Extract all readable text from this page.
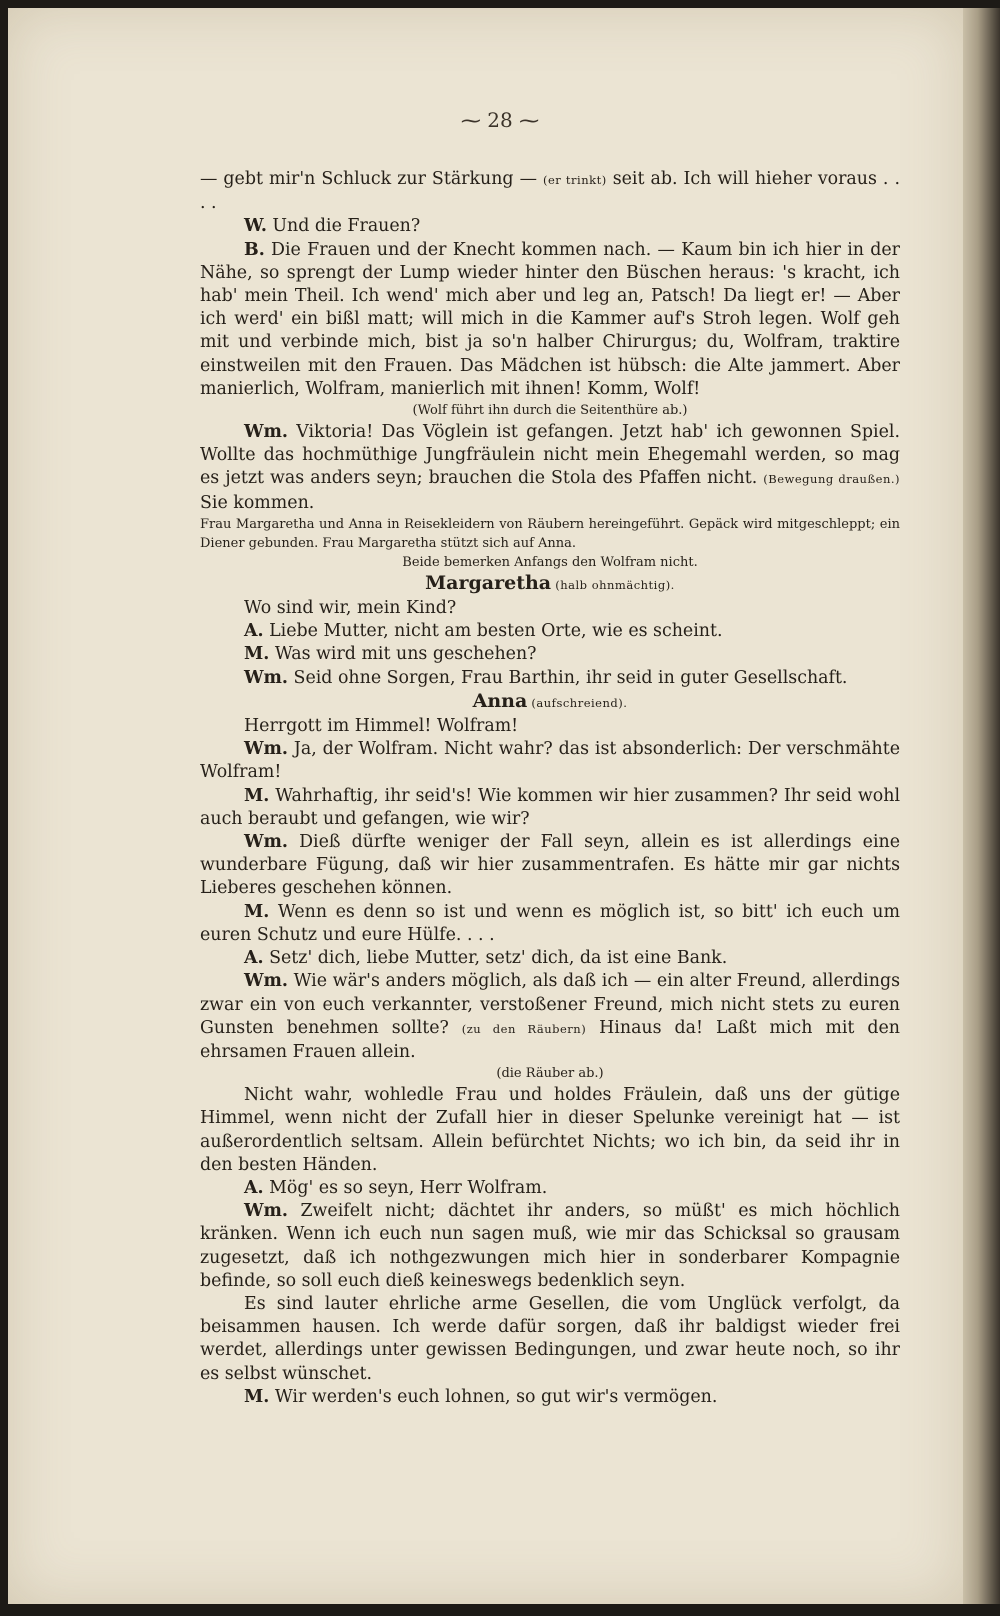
⁓ 28 ⁓

— gebt mir'n Schluck zur Stärkung — (er trinkt) seit ab. Ich will hieher voraus . . . .

W. Und die Frauen?

B. Die Frauen und der Knecht kommen nach. — Kaum bin ich hier in der Nähe, so sprengt der Lump wieder hinter den Büschen heraus: 's kracht, ich hab' mein Theil. Ich wend' mich aber und leg an, Patsch! Da liegt er! — Aber ich werd' ein bißl matt; will mich in die Kammer auf's Stroh legen. Wolf geh mit und verbinde mich, bist ja so'n halber Chirurgus; du, Wolfram, traktire einstweilen mit den Frauen. Das Mädchen ist hübsch: die Alte jammert. Aber manierlich, Wolfram, manierlich mit ihnen! Komm, Wolf!

(Wolf führt ihn durch die Seitenthüre ab.)

Wm. Viktoria! Das Vöglein ist gefangen. Jetzt hab' ich gewonnen Spiel. Wollte das hochmüthige Jungfräulein nicht mein Ehegemahl werden, so mag es jetzt was anders seyn; brauchen die Stola des Pfaffen nicht. (Bewegung draußen.) Sie kommen.

Frau Margaretha und Anna in Reisekleidern von Räubern hereingeführt. Gepäck wird mitgeschleppt; ein Diener gebunden. Frau Margaretha stützt sich auf Anna.

Beide bemerken Anfangs den Wolfram nicht.

Margaretha (halb ohnmächtig).

Wo sind wir, mein Kind?

A. Liebe Mutter, nicht am besten Orte, wie es scheint.

M. Was wird mit uns geschehen?

Wm. Seid ohne Sorgen, Frau Barthin, ihr seid in guter Gesellschaft.

Anna (aufschreiend).

Herrgott im Himmel! Wolfram!

Wm. Ja, der Wolfram. Nicht wahr? das ist absonderlich: Der verschmähte Wolfram!

M. Wahrhaftig, ihr seid's! Wie kommen wir hier zusammen? Ihr seid wohl auch beraubt und gefangen, wie wir?

Wm. Dieß dürfte weniger der Fall seyn, allein es ist allerdings eine wunderbare Fügung, daß wir hier zusammentrafen. Es hätte mir gar nichts Lieberes geschehen können.

M. Wenn es denn so ist und wenn es möglich ist, so bitt' ich euch um euren Schutz und eure Hülfe. . . .

A. Setz' dich, liebe Mutter, setz' dich, da ist eine Bank.

Wm. Wie wär's anders möglich, als daß ich — ein alter Freund, allerdings zwar ein von euch verkannter, verstoßener Freund, mich nicht stets zu euren Gunsten benehmen sollte? (zu den Räubern) Hinaus da! Laßt mich mit den ehrsamen Frauen allein.

(die Räuber ab.)

Nicht wahr, wohledle Frau und holdes Fräulein, daß uns der gütige Himmel, wenn nicht der Zufall hier in dieser Spelunke vereinigt hat — ist außerordentlich seltsam. Allein befürchtet Nichts; wo ich bin, da seid ihr in den besten Händen.

A. Mög' es so seyn, Herr Wolfram.

Wm. Zweifelt nicht; dächtet ihr anders, so müßt' es mich höchlich kränken. Wenn ich euch nun sagen muß, wie mir das Schicksal so grausam zugesetzt, daß ich nothgezwungen mich hier in sonderbarer Kompagnie befinde, so soll euch dieß keineswegs bedenklich seyn.

Es sind lauter ehrliche arme Gesellen, die vom Unglück verfolgt, da beisammen hausen. Ich werde dafür sorgen, daß ihr baldigst wieder frei werdet, allerdings unter gewissen Bedingungen, und zwar heute noch, so ihr es selbst wünschet.

M. Wir werden's euch lohnen, so gut wir's vermögen.
